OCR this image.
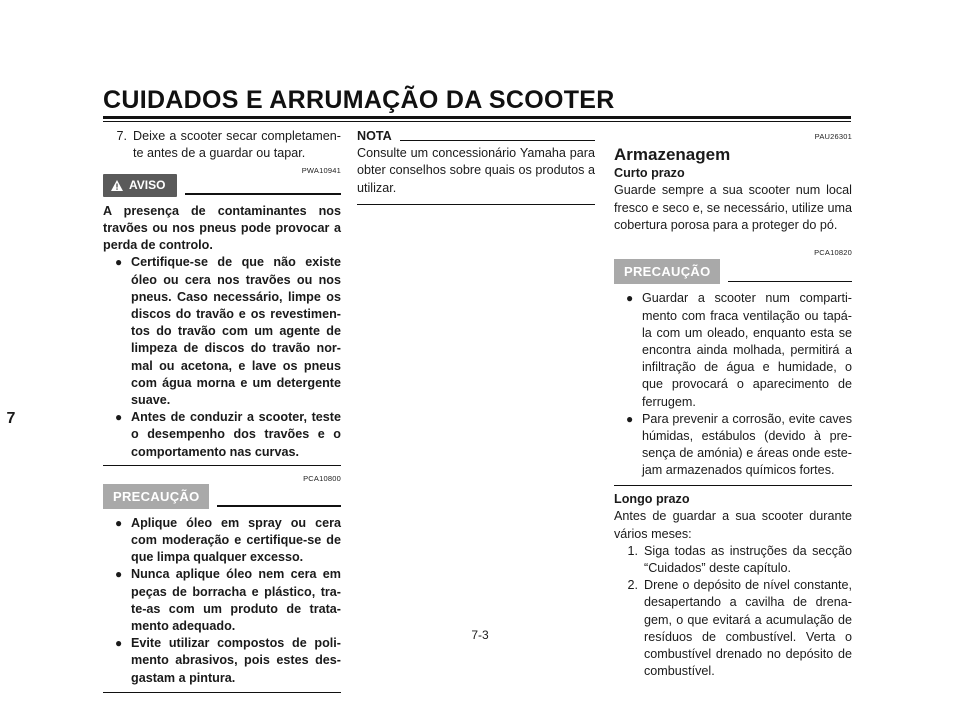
CUIDADOS E ARRUMAÇÃO DA SCOOTER
7
7. Deixe a scooter secar completamen-te antes de a guardar ou tapar.
PWA10941
AVISO
A presença de contaminantes nos travões ou nos pneus pode provocar a perda de controlo.
● Certifique-se de que não existe óleo ou cera nos travões ou nos pneus. Caso necessário, limpe os discos do travão e os revestimen-tos do travão com um agente de limpeza de discos do travão nor-mal ou acetona, e lave os pneus com água morna e um detergente suave.
● Antes de conduzir a scooter, teste o desempenho dos travões e o comportamento nas curvas.
PCA10800
PRECAUÇÃO
● Aplique óleo em spray ou cera com moderação e certifique-se de que limpa qualquer excesso.
● Nunca aplique óleo nem cera em peças de borracha e plástico, tra-te-as com um produto de trata-mento adequado.
● Evite utilizar compostos de poli-mento abrasivos, pois estes des-gastam a pintura.
NOTA
Consulte um concessionário Yamaha para obter conselhos sobre quais os produtos a utilizar.
PAU26301
Armazenagem
Curto prazo
Guarde sempre a sua scooter num local fresco e seco e, se necessário, utilize uma cobertura porosa para a proteger do pó.
PCA10820
PRECAUÇÃO
● Guardar a scooter num comparti-mento com fraca ventilação ou tapá-la com um oleado, enquanto esta se encontra ainda molhada, permitirá a infiltração de água e humidade, o que provocará o aparecimento de ferrugem.
● Para prevenir a corrosão, evite caves húmidas, estábulos (devido à pre-sença de amónia) e áreas onde este-jam armazenados químicos fortes.
Longo prazo
Antes de guardar a sua scooter durante vários meses:
1. Siga todas as instruções da secção “Cuidados” deste capítulo.
2. Drene o depósito de nível constante, desapertando a cavilha de drena-gem, o que evitará a acumulação de resíduos de combustível. Verta o combustível drenado no depósito de combustível.
7-3
